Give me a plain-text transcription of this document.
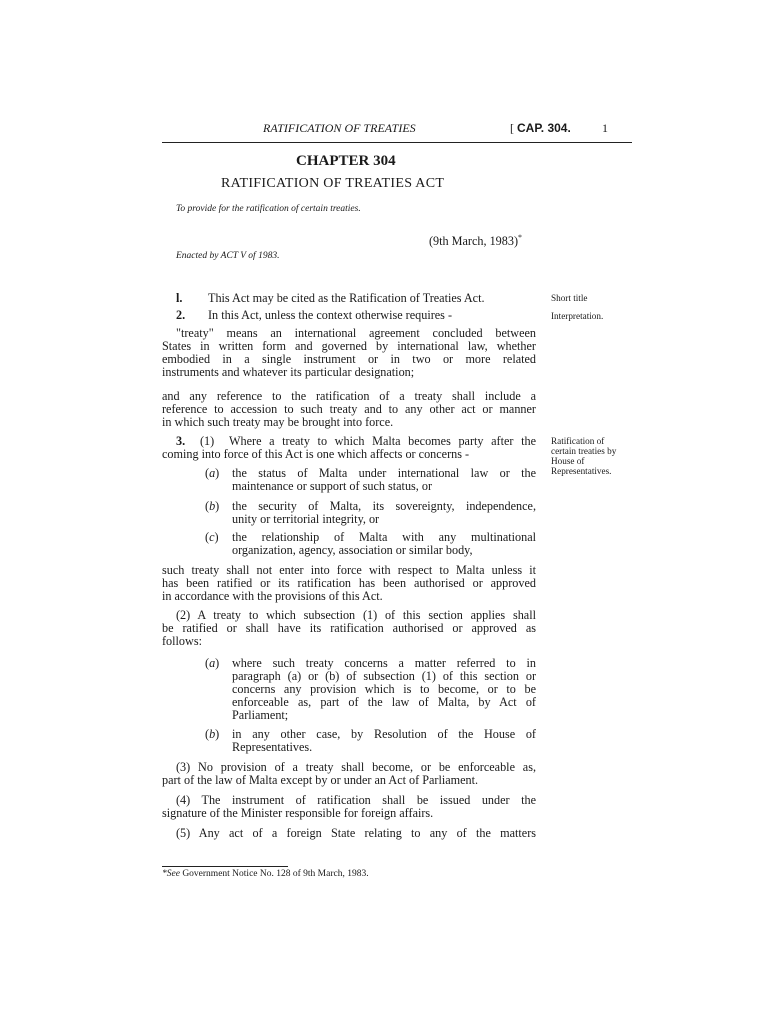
RATIFICATION OF TREATIES	[ CAP. 304.	1
CHAPTER 304
RATIFICATION OF TREATIES ACT
To provide for the ratification of certain treaties.
(9th March, 1983)*
Enacted by ACT V of 1983.
l. This Act may be cited as the Ratification of Treaties Act.
2. In this Act, unless the context otherwise requires -
"treaty" means an international agreement concluded between
States in written form and governed by international law, whether
embodied in a single instrument or in two or more related
instruments and whatever its particular designation;
and any reference to the ratification of a treaty shall include a
reference to accession to such treaty and to any other act or manner
in which such treaty may be brought into force.
3. (1) Where a treaty to which Malta becomes party after the
coming into force of this Act is one which affects or concerns -
(a) the status of Malta under international law or the
maintenance or support of such status, or
(b) the security of Malta, its sovereignty, independence,
unity or territorial integrity, or
(c) the relationship of Malta with any multinational
organization, agency, association or similar body,
such treaty shall not enter into force with respect to Malta unless it
has been ratified or its ratification has been authorised or approved
in accordance with the provisions of this Act.
(2) A treaty to which subsection (1) of this section applies shall
be ratified or shall have its ratification authorised or approved as
follows:
(a) where such treaty concerns a matter referred to in
paragraph (a) or (b) of subsection (1) of this section or
concerns any provision which is to become, or to be
enforceable as, part of the law of Malta, by Act of
Parliament;
(b) in any other case, by Resolution of the House of
Representatives.
(3) No provision of a treaty shall become, or be enforceable as,
part of the law of Malta except by or under an Act of Parliament.
(4) The instrument of ratification shall be issued under the
signature of the Minister responsible for foreign affairs.
(5) Any act of a foreign State relating to any of the matters
Short title
Interpretation.
Ratification of
certain treaties by
House of
Representatives.
*See Government Notice No. 128 of 9th March, 1983.
